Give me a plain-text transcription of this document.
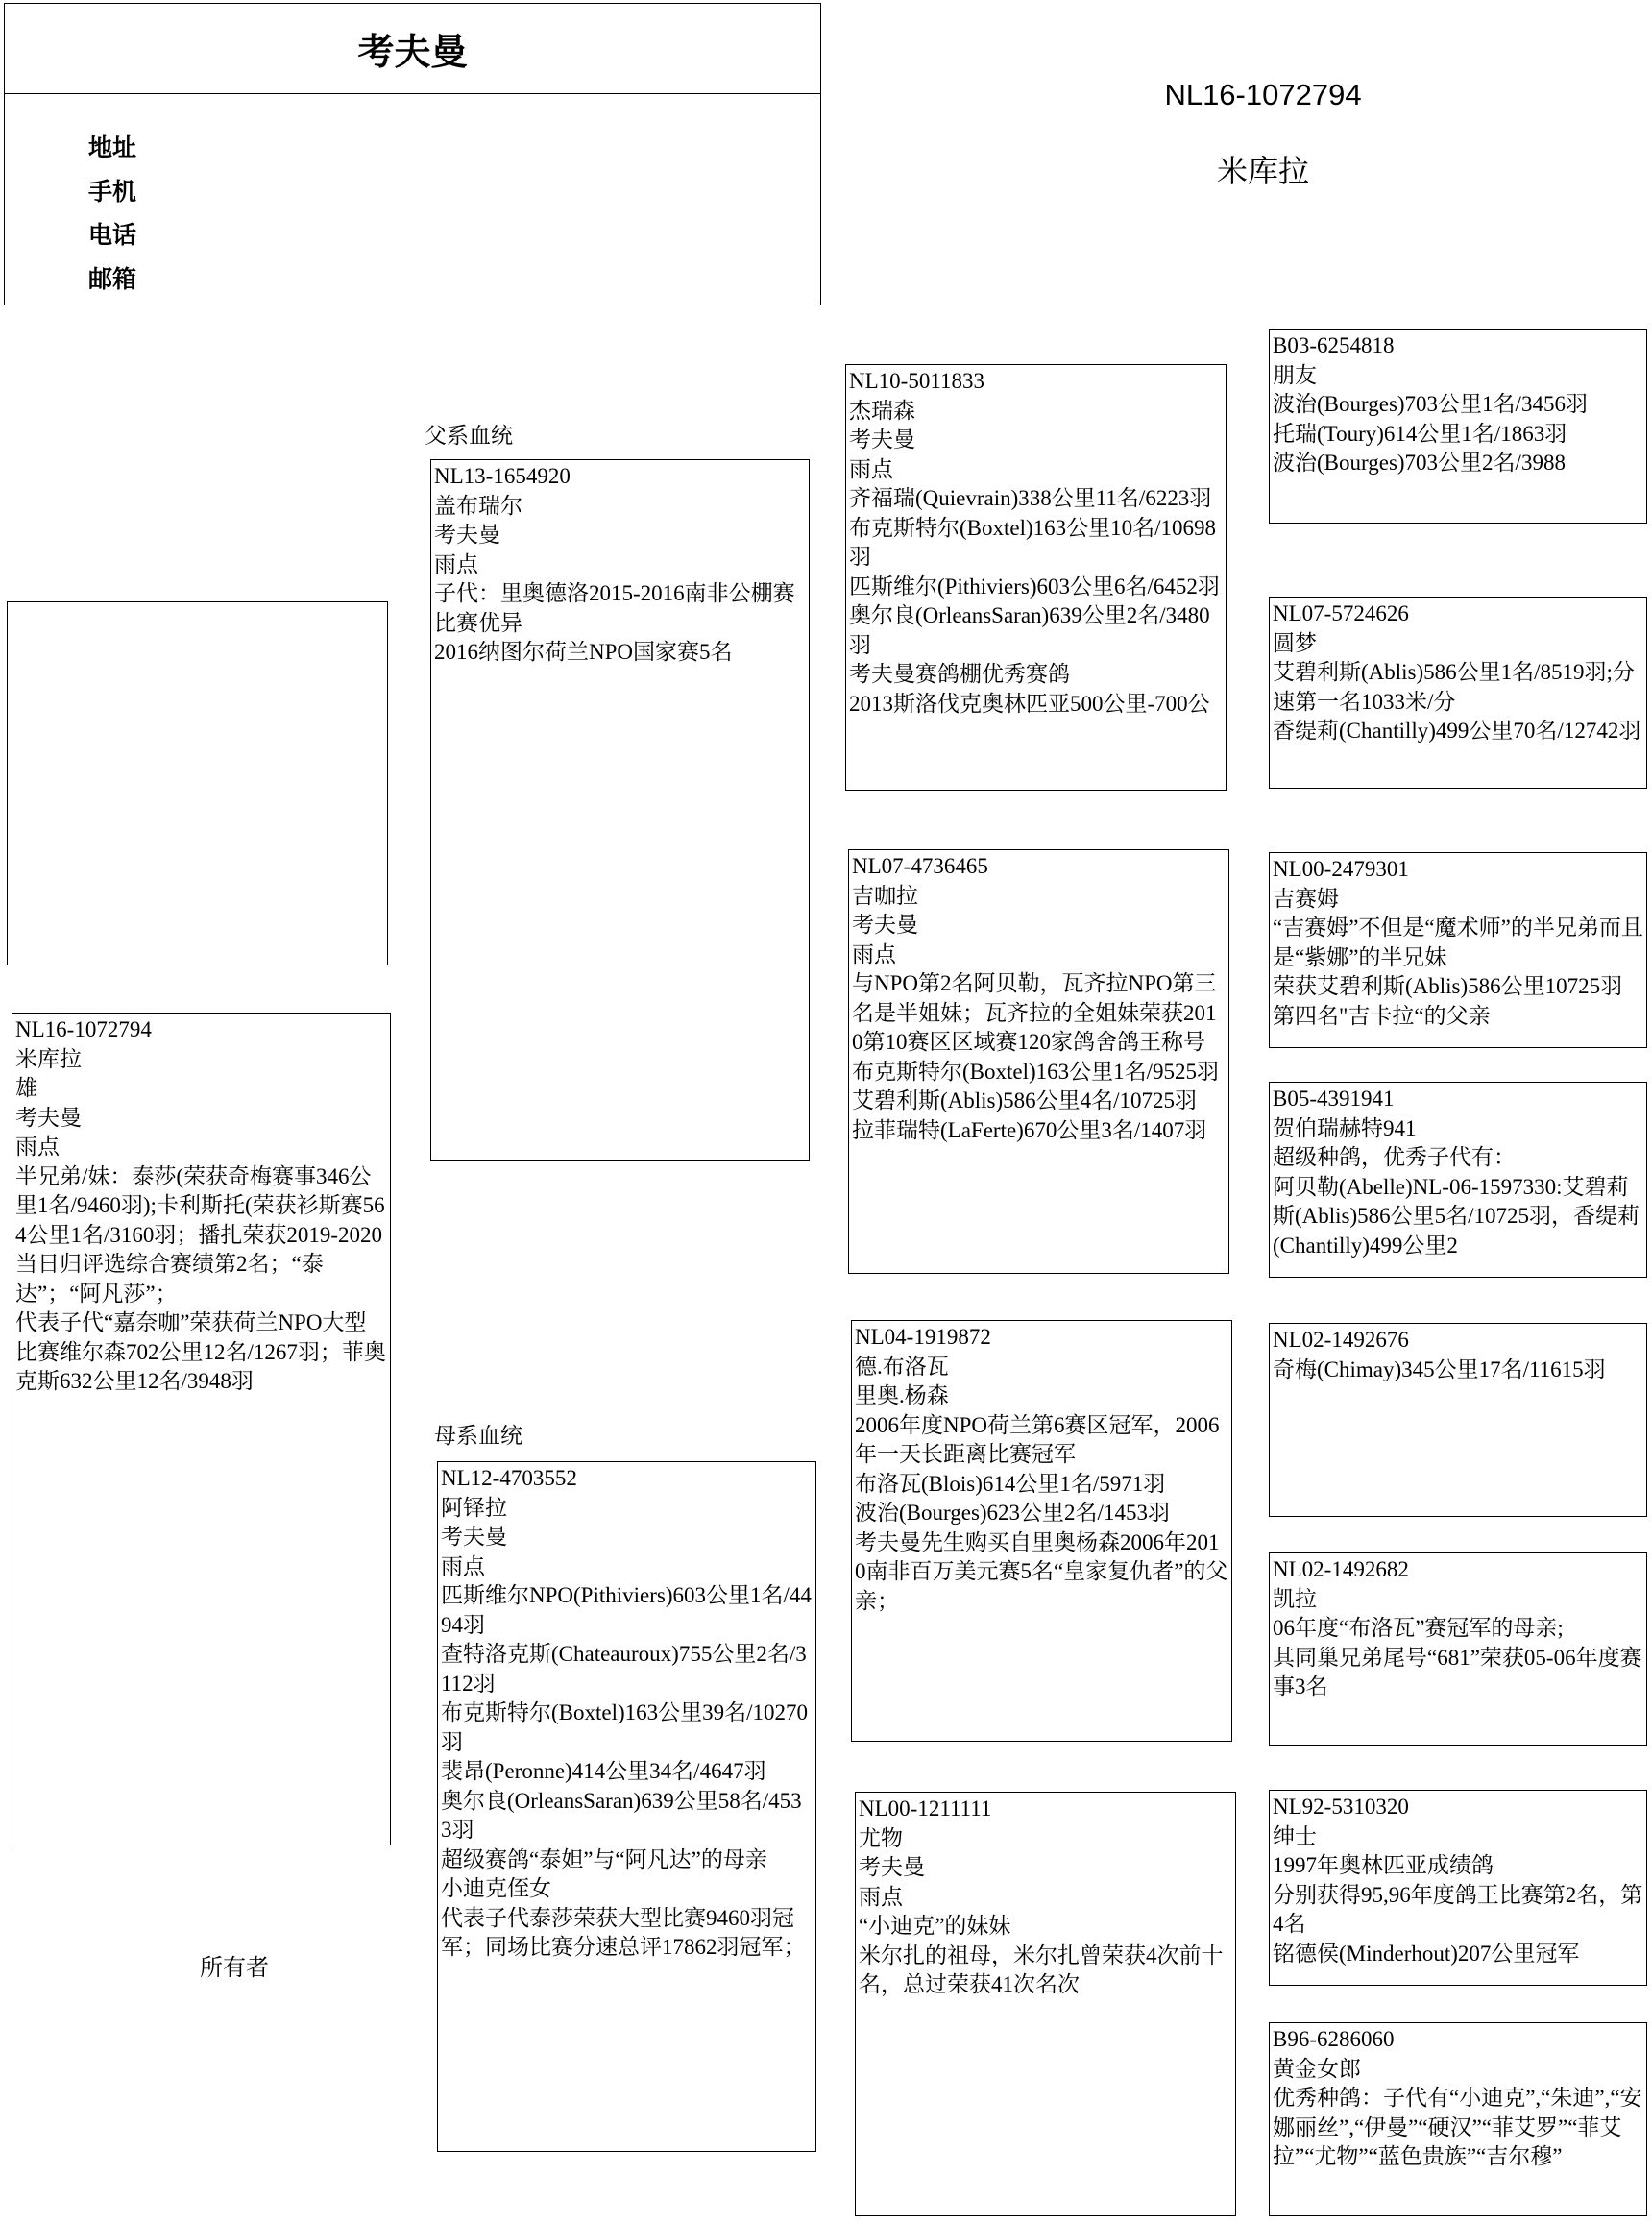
考夫曼
地址
手机
电话
邮箱
NL16-1072794
米库拉
NL16-1072794
米库拉
雄
考夫曼
雨点
半兄弟/妹：泰莎(荣获奇梅赛事346公里1名/9460羽);卡利斯托(荣获衫斯赛564公里1名/3160羽；播扎荣获2019-2020当日归评选综合赛绩第2名；“泰达”；“阿凡莎”；
代表子代“嘉奈咖”荣获荷兰NPO大型比赛维尔森702公里12名/1267羽；菲奥克斯632公里12名/3948羽
父系血统
母系血统
所有者
NL13-1654920
盖布瑞尔
考夫曼
雨点
子代：里奥德洛2015-2016南非公棚赛比赛优异
2016纳图尔荷兰NPO国家赛5名
NL12-4703552
阿铎拉
考夫曼
雨点
匹斯维尔NPO(Pithiviers)603公里1名/4494羽
查特洛克斯(Chateauroux)755公里2名/3112羽
布克斯特尔(Boxtel)163公里39名/10270羽
裴昂(Peronne)414公里34名/4647羽
奥尔良(OrleansSaran)639公里58名/4533羽
超级赛鸽“泰妲”与“阿凡达”的母亲
小迪克侄女
代表子代泰莎荣获大型比赛9460羽冠军；同场比赛分速总评17862羽冠军；
NL10-5011833
杰瑞森
考夫曼
雨点
齐福瑞(Quievrain)338公里11名/6223羽
布克斯特尔(Boxtel)163公里10名/10698羽
匹斯维尔(Pithiviers)603公里6名/6452羽
奥尔良(OrleansSaran)639公里2名/3480羽
考夫曼赛鸽棚优秀赛鸽
2013斯洛伐克奥林匹亚500公里-700公
NL07-4736465
吉咖拉
考夫曼
雨点
与NPO第2名阿贝勒，瓦齐拉NPO第三名是半姐妹；瓦齐拉的全姐妹荣获2010第10赛区区域赛120家鸽舍鸽王称号
布克斯特尔(Boxtel)163公里1名/9525羽
艾碧利斯(Ablis)586公里4名/10725羽
拉菲瑞特(LaFerte)670公里3名/1407羽
NL04-1919872
德.布洛瓦
里奥.杨森
2006年度NPO荷兰第6赛区冠军，2006年一天长距离比赛冠军
布洛瓦(Blois)614公里1名/5971羽
波治(Bourges)623公里2名/1453羽
考夫曼先生购买自里奥杨森2006年2010南非百万美元赛5名“皇家复仇者”的父亲；
NL00-1211111
尤物
考夫曼
雨点
“小迪克”的妹妹
米尔扎的祖母，米尔扎曾荣获4次前十名，总过荣获41次名次
B03-6254818
朋友
波治(Bourges)703公里1名/3456羽
托瑞(Toury)614公里1名/1863羽
波治(Bourges)703公里2名/3988
NL07-5724626
圆梦
艾碧利斯(Ablis)586公里1名/8519羽;分速第一名1033米/分
香缇莉(Chantilly)499公里70名/12742羽
NL00-2479301
吉赛姆
“吉赛姆”不但是“魔术师”的半兄弟而且是“紫娜”的半兄妹
荣获艾碧利斯(Ablis)586公里10725羽第四名"吉卡拉“的父亲
B05-4391941
贺伯瑞赫特941
超级种鸽，优秀子代有：
阿贝勒(Abelle)NL-06-1597330:艾碧莉斯(Ablis)586公里5名/10725羽，香缇莉(Chantilly)499公里2
NL02-1492676
奇梅(Chimay)345公里17名/11615羽
NL02-1492682
凯拉
06年度“布洛瓦”赛冠军的母亲;
其同巢兄弟尾号“681”荣获05-06年度赛事3名
NL92-5310320
绅士
1997年奥林匹亚成绩鸽
分别获得95,96年度鸽王比赛第2名，第4名
铭德侯(Minderhout)207公里冠军
B96-6286060
黄金女郎
优秀种鸽：子代有“小迪克”,“朱迪”,“安娜丽丝”,“伊曼”“硬汉”“菲艾罗”“菲艾拉”“尤物”“蓝色贵族”“吉尔穆”
